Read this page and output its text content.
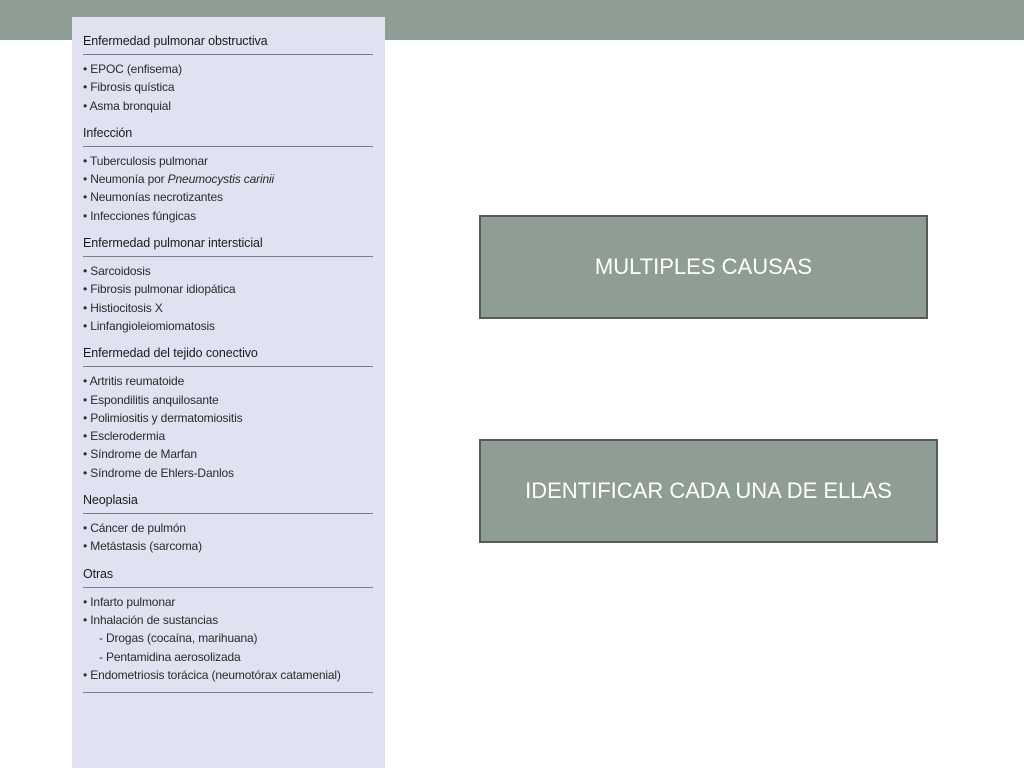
Enfermedad pulmonar obstructiva
• EPOC (enfisema)
• Fibrosis quística
• Asma bronquial
Infección
• Tuberculosis pulmonar
• Neumonía por Pneumocystis carinii
• Neumonías necrotizantes
• Infecciones fúngicas
Enfermedad pulmonar intersticial
• Sarcoidosis
• Fibrosis pulmonar idiopática
• Histiocitosis X
• Linfangioleiomiomatosis
Enfermedad del tejido conectivo
• Artritis reumatoide
• Espondilitis anquilosante
• Polimiositis y dermatomiositis
• Esclerodermia
• Síndrome de Marfan
• Síndrome de Ehlers-Danlos
Neoplasia
• Cáncer de pulmón
• Metástasis (sarcoma)
Otras
• Infarto pulmonar
• Inhalación de sustancias
- Drogas (cocaína, marihuana)
- Pentamidina aerosolizada
• Endometriosis torácica (neumotórax catamenial)
MULTIPLES CAUSAS
IDENTIFICAR CADA UNA DE ELLAS
